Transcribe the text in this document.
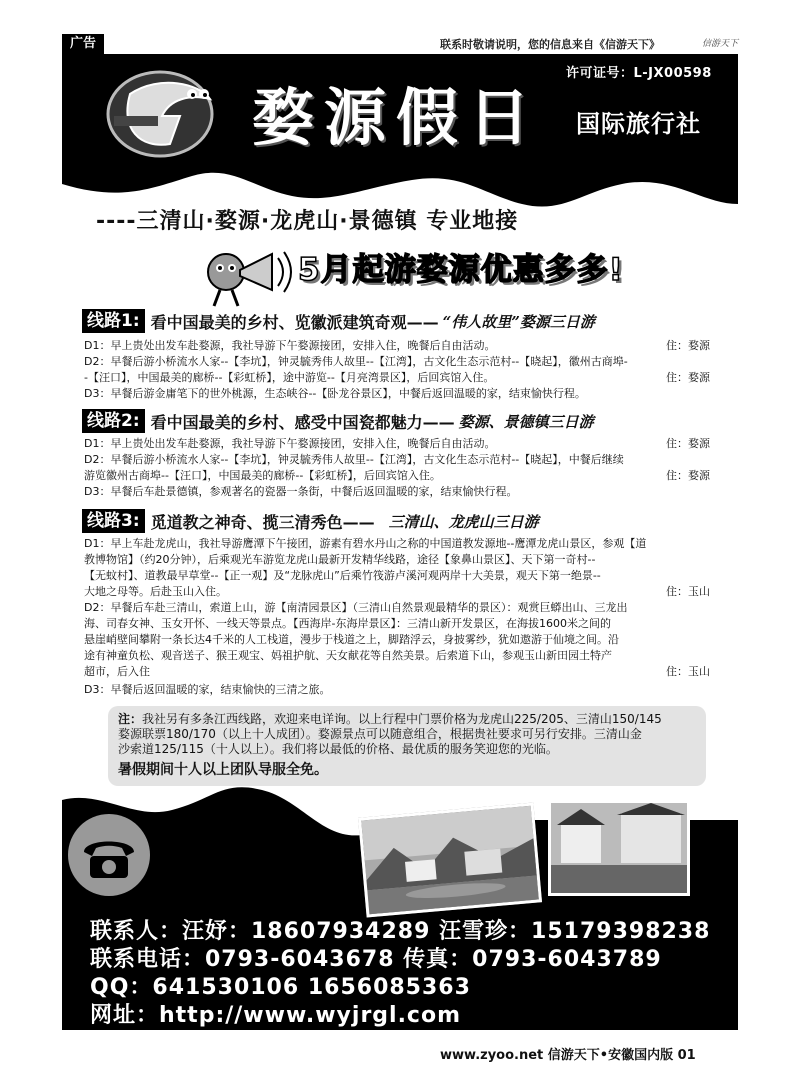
广告	联系时敬请说明，您的信息来自《信游天下》	信游天下
许可证号：L-JX00598
婺源假日 国际旅行社
----三清山·婺源·龙虎山·景德镇 专业地接
5月起游婺源优惠多多!
线路1: 看中国最美的乡村、览徽派建筑奇观—— “伟人故里”婺源三日游
D1：早上贵处出发车赴婺源，我社导游下午婺源接团，安排入住，晚餐后自由活动。	住：婺源
D2：早餐后游小桥流水人家--【李坑】，钟灵毓秀伟人故里--【江湾】，古文化生态示范村--【晓起】，徽州古商埠-
-【汪口】，中国最美的廊桥--【彩虹桥】，途中游览--【月亮湾景区】，后回宾馆入住。	住：婺源
D3：早餐后游金庸笔下的世外桃源，生态峡谷--【卧龙谷景区】，中餐后返回温暖的家，结束愉快行程。
线路2: 看中国最美的乡村、感受中国瓷都魅力—— 婺源、景德镇三日游
D1：早上贵处出发车赴婺源，我社导游下午婺源接团，安排入住，晚餐后自由活动。	住：婺源
D2：早餐后游小桥流水人家--【李坑】，钟灵毓秀伟人故里--【江湾】，古文化生态示范村--【晓起】，中餐后继续
游览徽州古商埠--【汪口】，中国最美的廊桥--【彩虹桥】，后回宾馆入住。	住：婺源
D3：早餐后车赴景德镇，参观著名的瓷器一条街，中餐后返回温暖的家，结束愉快行程。
线路3: 觅道教之神奇、揽三清秀色—— 三清山、龙虎山三日游
D1：早上车赴龙虎山，我社导游鹰潭下午接团，游素有碧水丹山之称的中国道教发源地--鹰潭龙虎山景区，参观【道
教博物馆】（约20分钟），后乘观光车游览龙虎山最新开发精华线路，途径【象鼻山景区】、天下第一奇村--
【无蚊村】、道教最早草堂--【正一观】及“龙脉虎山”后乘竹筏游卢溪河观两岸十大美景，观天下第一绝景--
大地之母等。后赴玉山入住。	住：玉山
D2：早餐后车赴三清山，索道上山，游【南清园景区】（三清山自然景观最精华的景区）：观赏巨蟒出山、三龙出
海、司春女神、玉女开怀、一线天等景点。【西海岸-东海岸景区】：三清山新开发景区，在海拔1600米之间的
悬崖峭壁间攀附一条长达4千米的人工栈道，漫步于栈道之上，脚踏浮云，身披雾纱，犹如遨游于仙境之间。沿
途有神童负松、观音送子、猴王观宝、妈祖护航、天女献花等自然美景。后索道下山，参观玉山新田园土特产
超市，后入住	住：玉山
D3：早餐后返回温暖的家，结束愉快的三清之旅。
注：我社另有多条江西线路，欢迎来电详询。以上行程中门票价格为龙虎山225/205、三清山150/145
婺源联票180/170（以上十人成团）。婺源景点可以随意组合，根据贵社要求可另行安排。三清山金
沙索道125/115（十人以上）。我们将以最低的价格、最优质的服务笑迎您的光临。
暑假期间十人以上团队导服全免。
联系人：汪妤：18607934289 汪雪珍：15179398238
联系电话：0793-6043678 传真：0793-6043789
QQ：641530106 1656085363
网址：http://www.wyjrgl.com
www.zyoo.net 信游天下•安徽国内版 01
